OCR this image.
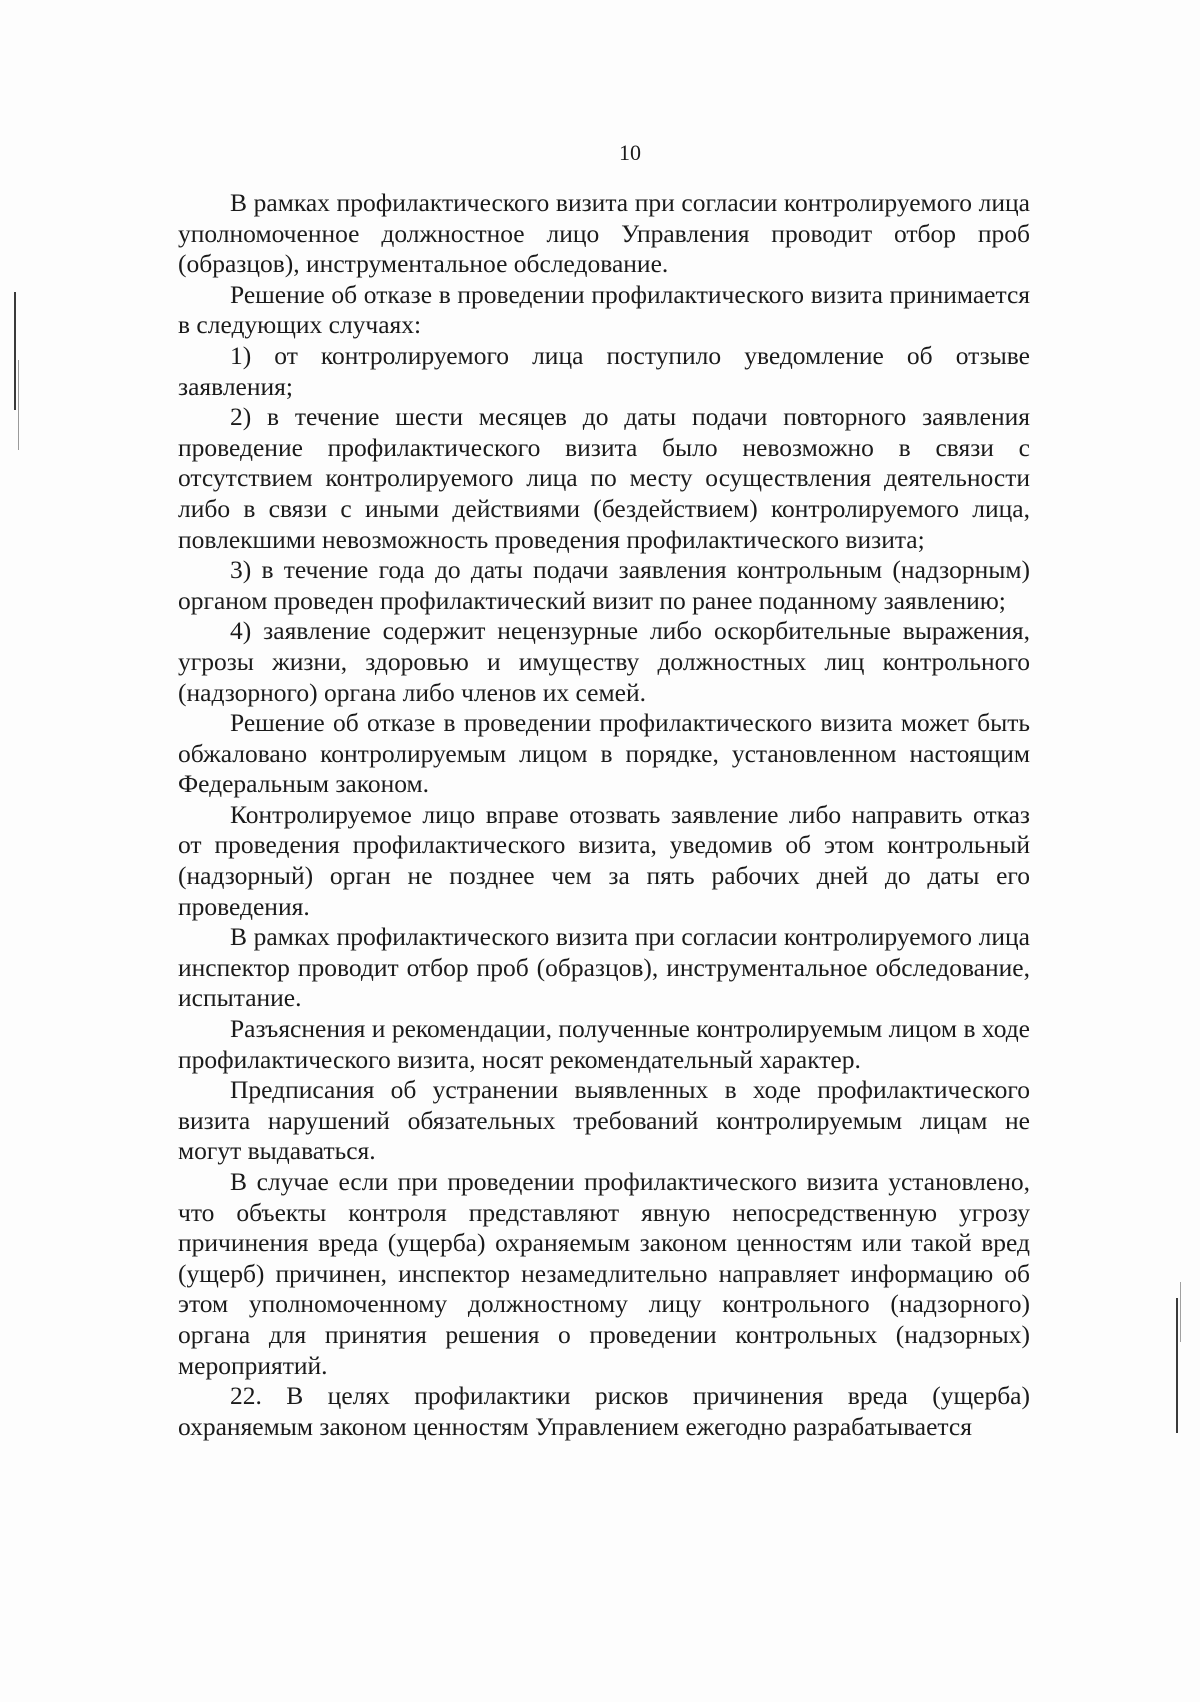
10

В рамках профилактического визита при согласии контролируемого лица уполномоченное должностное лицо Управления проводит отбор проб (образцов), инструментальное обследование.

Решение об отказе в проведении профилактического визита принимается в следующих случаях:

1) от контролируемого лица поступило уведомление об отзыве заявления;

2) в течение шести месяцев до даты подачи повторного заявления проведение профилактического визита было невозможно в связи с отсутствием контролируемого лица по месту осуществления деятельности либо в связи с иными действиями (бездействием) контролируемого лица, повлекшими невозможность проведения профилактического визита;

3) в течение года до даты подачи заявления контрольным (надзорным) органом проведен профилактический визит по ранее поданному заявлению;

4) заявление содержит нецензурные либо оскорбительные выражения, угрозы жизни, здоровью и имуществу должностных лиц контрольного (надзорного) органа либо членов их семей.

Решение об отказе в проведении профилактического визита может быть обжаловано контролируемым лицом в порядке, установленном настоящим Федеральным законом.

Контролируемое лицо вправе отозвать заявление либо направить отказ от проведения профилактического визита, уведомив об этом контрольный (надзорный) орган не позднее чем за пять рабочих дней до даты его проведения.

В рамках профилактического визита при согласии контролируемого лица инспектор проводит отбор проб (образцов), инструментальное обследование, испытание.

Разъяснения и рекомендации, полученные контролируемым лицом в ходе профилактического визита, носят рекомендательный характер.

Предписания об устранении выявленных в ходе профилактического визита нарушений обязательных требований контролируемым лицам не могут выдаваться.

В случае если при проведении профилактического визита установлено, что объекты контроля представляют явную непосредственную угрозу причинения вреда (ущерба) охраняемым законом ценностям или такой вред (ущерб) причинен, инспектор незамедлительно направляет информацию об этом уполномоченному должностному лицу контрольного (надзорного) органа для принятия решения о проведении контрольных (надзорных) мероприятий.

22. В целях профилактики рисков причинения вреда (ущерба) охраняемым законом ценностям Управлением ежегодно разрабатывается
